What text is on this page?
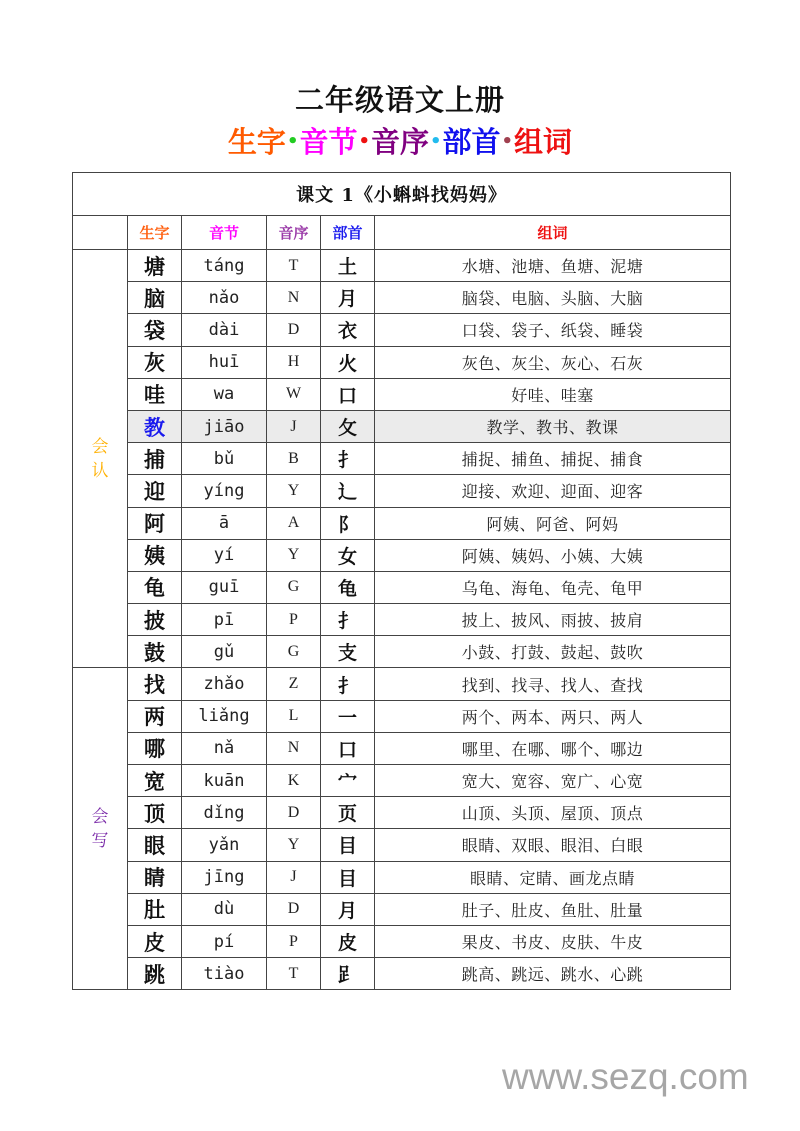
二年级语文上册
生字•音节•音序•部首•组词
课文 1《小蝌蚪找妈妈》					
	生字	音节	音序	部首	组词

会认	塘	táng	T	土	水塘、池塘、鱼塘、泥塘
	脑	nǎo	N	月	脑袋、电脑、头脑、大脑
	袋	dài	D	衣	口袋、袋子、纸袋、睡袋
	灰	huī	H	火	灰色、灰尘、灰心、石灰
	哇	wa	W	口	好哇、哇塞
	教	jiāo	J	攵	教学、教书、教课
	捕	bǔ	B	扌	捕捉、捕鱼、捕捉、捕食
	迎	yíng	Y	辶	迎接、欢迎、迎面、迎客
	阿	ā	A	阝	阿姨、阿爸、阿妈
	姨	yí	Y	女	阿姨、姨妈、小姨、大姨
	龟	guī	G	龟	乌龟、海龟、龟壳、龟甲
	披	pī	P	扌	披上、披风、雨披、披肩
	鼓	gǔ	G	支	小鼓、打鼓、鼓起、鼓吹

会写	找	zhǎo	Z	扌	找到、找寻、找人、查找
	两	liǎng	L	一	两个、两本、两只、两人
	哪	nǎ	N	口	哪里、在哪、哪个、哪边
	宽	kuān	K	宀	宽大、宽容、宽广、心宽
	顶	dǐng	D	页	山顶、头顶、屋顶、顶点
	眼	yǎn	Y	目	眼睛、双眼、眼泪、白眼
	睛	jīng	J	目	眼睛、定睛、画龙点睛
	肚	dù	D	月	肚子、肚皮、鱼肚、肚量
	皮	pí	P	皮	果皮、书皮、皮肤、牛皮
	跳	tiào	T	𧾷	跳高、跳远、跳水、心跳
www.sezq.com
